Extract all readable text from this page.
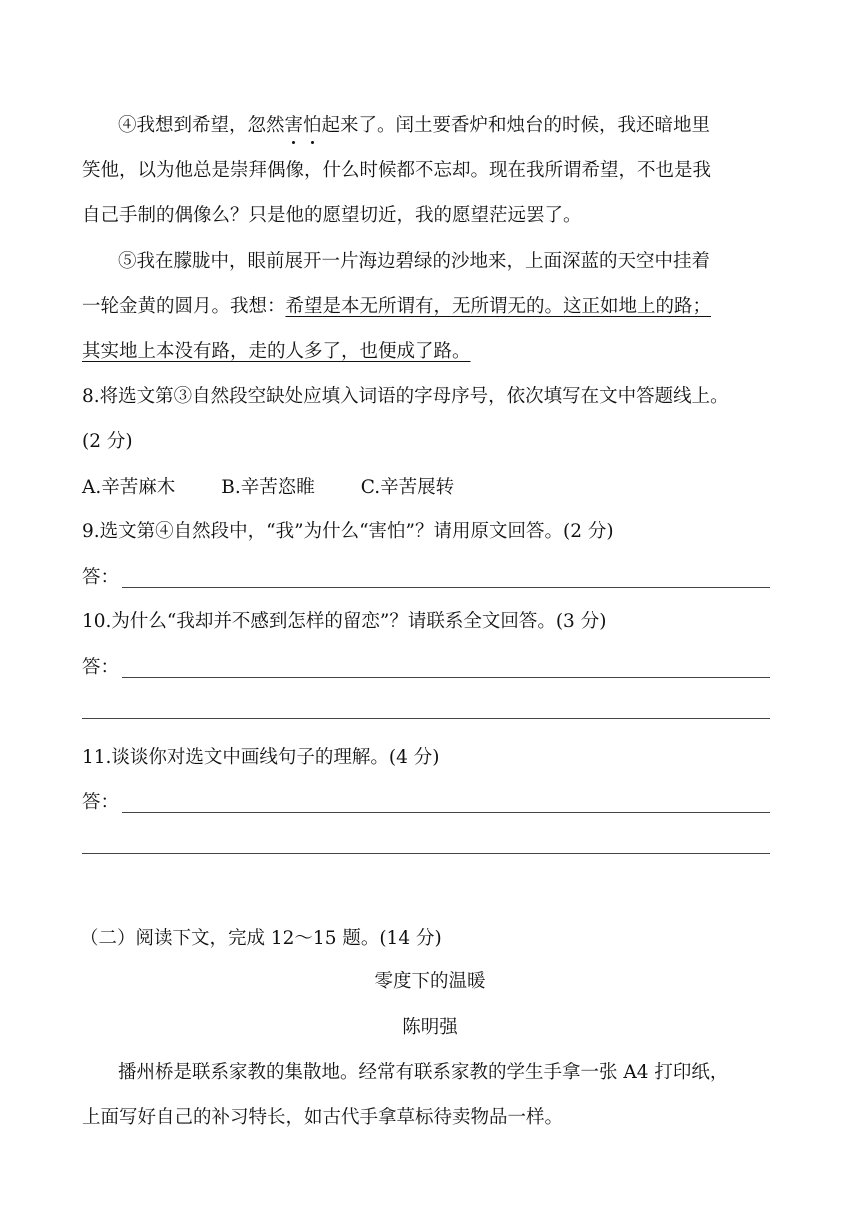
④我想到希望，忽然害怕起来了。闰土要香炉和烛台的时候，我还暗地里
笑他，以为他总是崇拜偶像，什么时候都不忘却。现在我所谓希望，不也是我
自己手制的偶像么？只是他的愿望切近，我的愿望茫远罢了。
⑤我在朦胧中，眼前展开一片海边碧绿的沙地来，上面深蓝的天空中挂着
一轮金黄的圆月。我想：希望是本无所谓有，无所谓无的。这正如地上的路；
其实地上本没有路，走的人多了，也便成了路。
8.将选文第③自然段空缺处应填入词语的字母序号，依次填写在文中答题线上。
(2 分)
A.辛苦麻木 B.辛苦恣睢 C.辛苦展转
9.选文第④自然段中，“我”为什么“害怕”？请用原文回答。(2 分)
答：
10.为什么“我却并不感到怎样的留恋”？请联系全文回答。(3 分)
答：
11.谈谈你对选文中画线句子的理解。(4 分)
答：
（二）阅读下文，完成 12～15 题。(14 分)
零度下的温暖
陈明强
播州桥是联系家教的集散地。经常有联系家教的学生手拿一张 A4 打印纸，
上面写好自己的补习特长，如古代手拿草标待卖物品一样。
